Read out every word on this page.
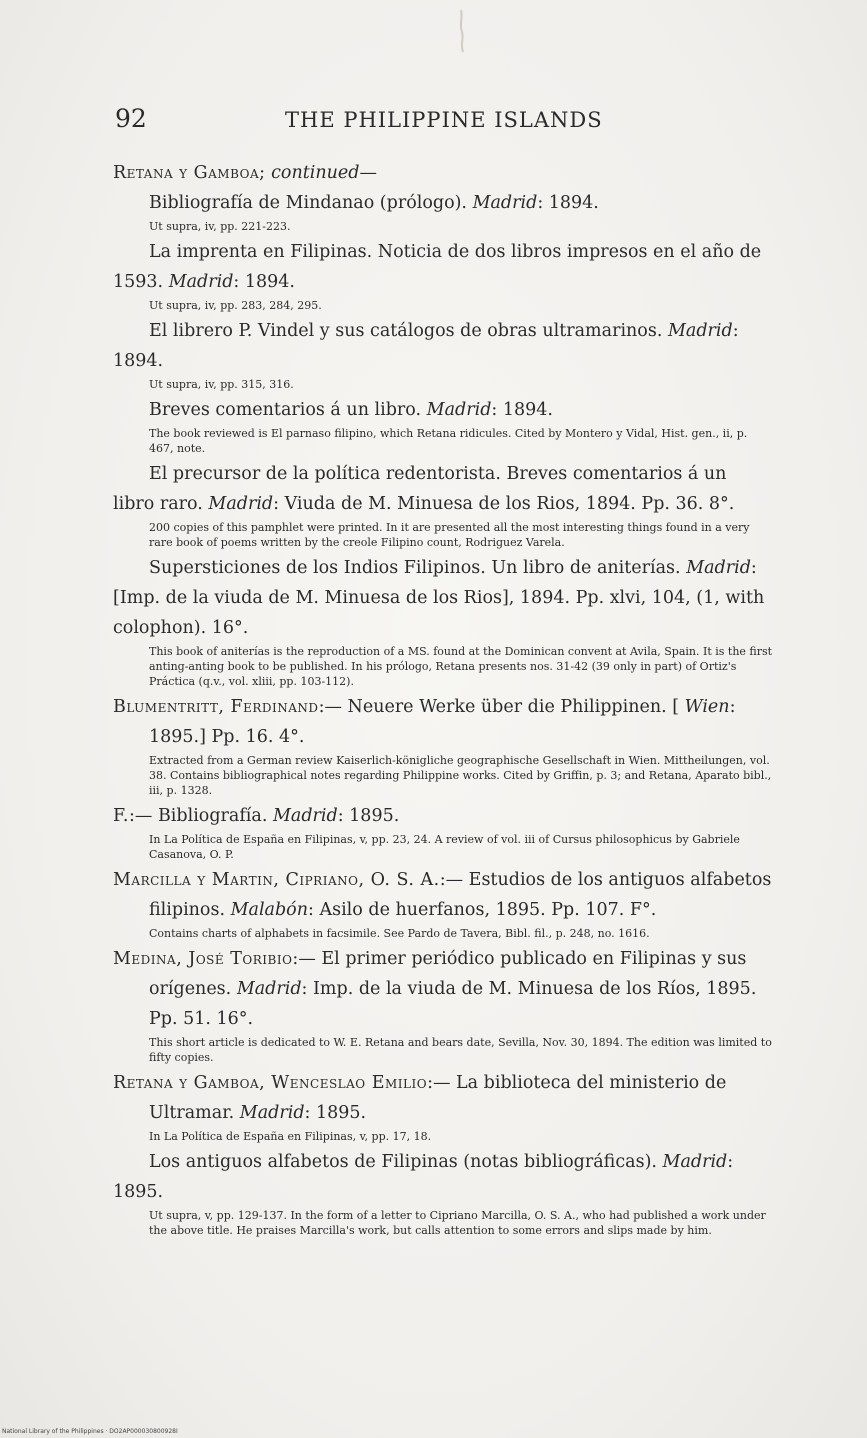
92	THE PHILIPPINE ISLANDS

Retana y Gamboa; continued—

Bibliografía de Mindanao (prólogo). Madrid: 1894.

Ut supra, iv, pp. 221-223.

La imprenta en Filipinas. Noticia de dos libros impresos en el año de 1593. Madrid: 1894.

Ut supra, iv, pp. 283, 284, 295.

El librero P. Vindel y sus catálogos de obras ultramarinos. Madrid: 1894.

Ut supra, iv, pp. 315, 316.

Breves comentarios á un libro. Madrid: 1894.

The book reviewed is El parnaso filipino, which Retana ridicules. Cited by Montero y Vidal, Hist. gen., ii, p. 467, note.

El precursor de la política redentorista. Breves comentarios á un libro raro. Madrid: Viuda de M. Minuesa de los Rios, 1894. Pp. 36. 8°.

200 copies of this pamphlet were printed. In it are presented all the most interesting things found in a very rare book of poems written by the creole Filipino count, Rodriguez Varela.

Supersticiones de los Indios Filipinos. Un libro de aniterías. Madrid: [Imp. de la viuda de M. Minuesa de los Rios], 1894. Pp. xlvi, 104, (1, with colophon). 16°.

This book of aniterías is the reproduction of a MS. found at the Dominican convent at Avila, Spain. It is the first anting-anting book to be published. In his prólogo, Retana presents nos. 31-42 (39 only in part) of Ortiz's Práctica (q.v., vol. xliii, pp. 103-112).

Blumentritt, Ferdinand:— Neuere Werke über die Philippinen. [ Wien: 1895.] Pp. 16. 4°.

Extracted from a German review Kaiserlich-königliche geographische Gesellschaft in Wien. Mittheilungen, vol. 38. Contains bibliographical notes regarding Philippine works. Cited by Griffin, p. 3; and Retana, Aparato bibl., iii, p. 1328.

F.:— Bibliografía. Madrid: 1895.

In La Política de España en Filipinas, v, pp. 23, 24. A review of vol. iii of Cursus philosophicus by Gabriele Casanova, O. P.

Marcilla y Martin, Cipriano, O. S. A.:— Estudios de los antiguos alfabetos filipinos. Malabón: Asilo de huerfanos, 1895. Pp. 107. F°.

Contains charts of alphabets in facsimile. See Pardo de Tavera, Bibl. fil., p. 248, no. 1616.

Medina, José Toribio:— El primer periódico publicado en Filipinas y sus orígenes. Madrid: Imp. de la viuda de M. Minuesa de los Ríos, 1895. Pp. 51. 16°.

This short article is dedicated to W. E. Retana and bears date, Sevilla, Nov. 30, 1894. The edition was limited to fifty copies.

Retana y Gamboa, Wenceslao Emilio:— La biblioteca del ministerio de Ultramar. Madrid: 1895.

In La Política de España en Filipinas, v, pp. 17, 18.

Los antiguos alfabetos de Filipinas (notas bibliográficas). Madrid: 1895.

Ut supra, v, pp. 129-137. In the form of a letter to Cipriano Marcilla, O. S. A., who had published a work under the above title. He praises Marcilla's work, but calls attention to some errors and slips made by him.

National Library of the Philippines · DO2AP000030800928I
